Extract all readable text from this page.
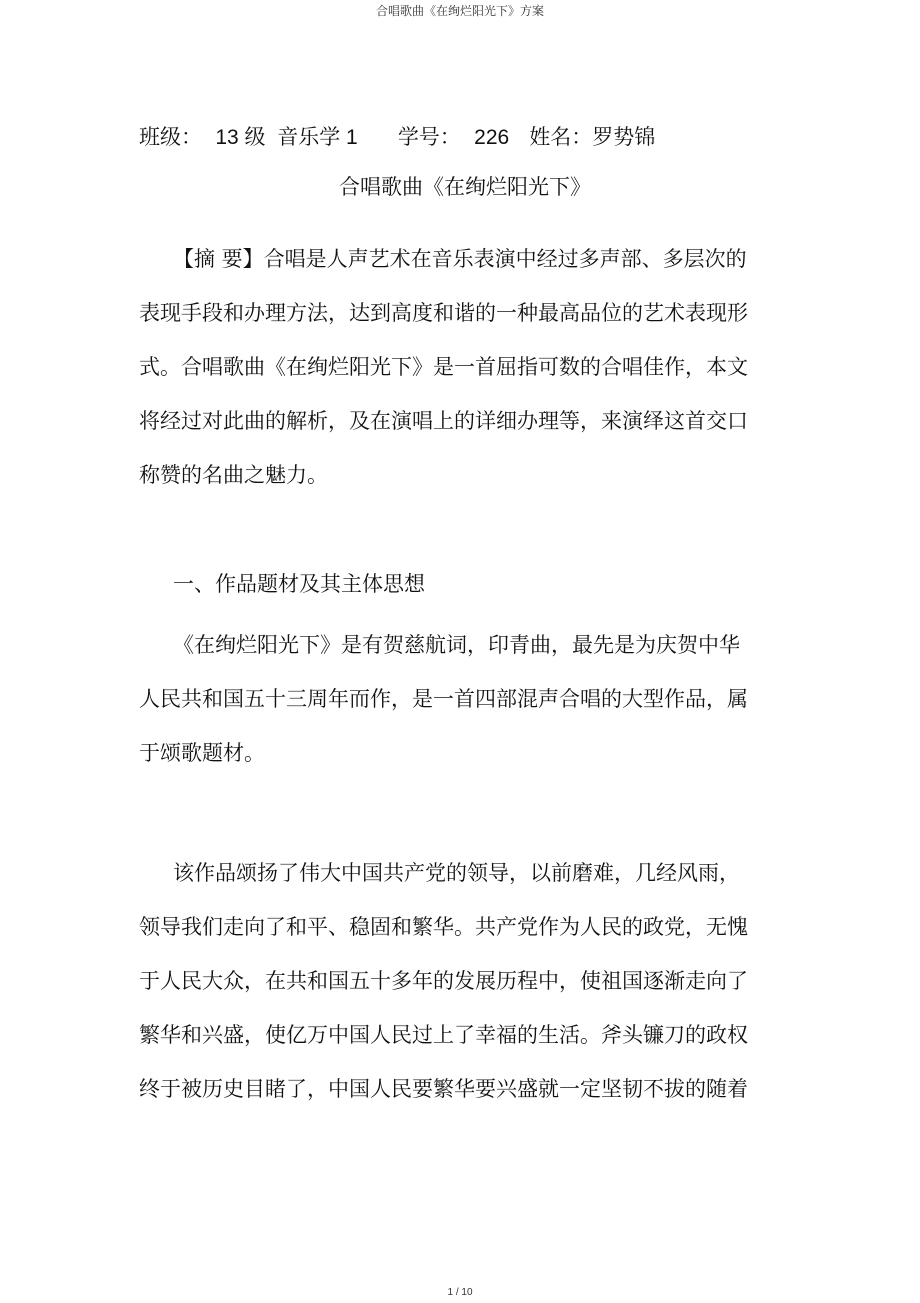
合唱歌曲《在绚烂阳光下》方案
班级： 13 级  音乐学 1 学号： 226 姓名：罗势锦
合唱歌曲《在绚烂阳光下》
【摘 要】合唱是人声艺术在音乐表演中经过多声部、多层次的
表现手段和办理方法，达到高度和谐的一种最高品位的艺术表现形
式。合唱歌曲《在绚烂阳光下》是一首屈指可数的合唱佳作，本文
将经过对此曲的解析，及在演唱上的详细办理等，来演绎这首交口
称赞的名曲之魅力。
一、作品题材及其主体思想
《在绚烂阳光下》是有贺慈航词，印青曲，最先是为庆贺中华
人民共和国五十三周年而作，是一首四部混声合唱的大型作品，属
于颂歌题材。
该作品颂扬了伟大中国共产党的领导，以前磨难，几经风雨，
领导我们走向了和平、稳固和繁华。共产党作为人民的政党，无愧
于人民大众，在共和国五十多年的发展历程中，使祖国逐渐走向了
繁华和兴盛，使亿万中国人民过上了幸福的生活。斧头镰刀的政权
终于被历史目睹了，中国人民要繁华要兴盛就一定坚韧不拔的随着
1 / 10
